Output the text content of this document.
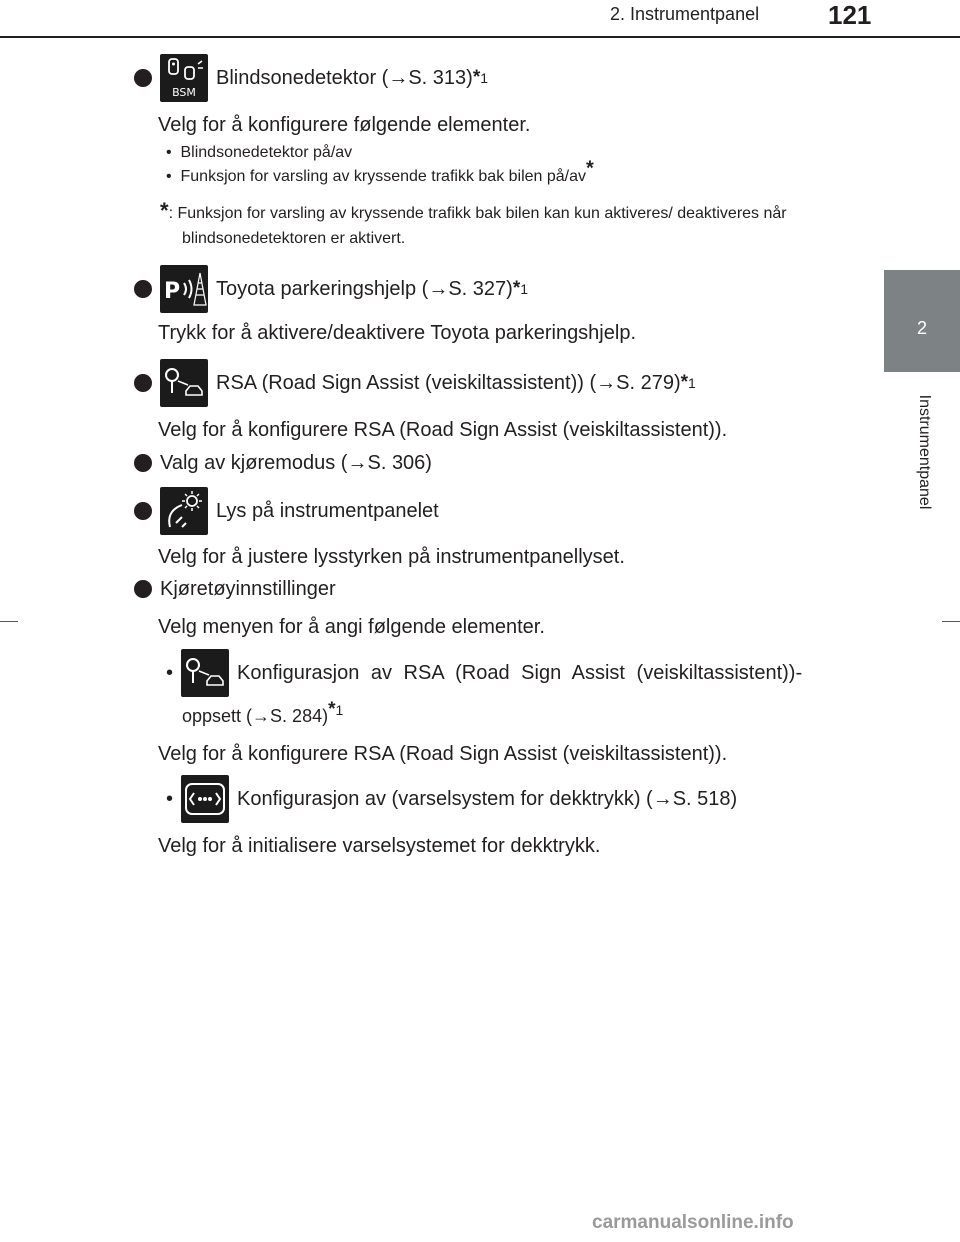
2. Instrumentpanel	121
2
Instrumentpanel
BSM
Blindsonedetektor ( → S. 313) *1
Velg for å konfigurere følgende elementer.
•  Blindsonedetektor på/av
•  Funksjon for varsling av kryssende trafikk bak bilen på/av*
*: Funksjon for varsling av kryssende trafikk bak bilen kan kun aktiveres/ deaktiveres når blindsonedetektoren er aktivert.
P Toyota parkeringshjelp ( → S. 327) *1
Trykk for å aktivere/deaktivere Toyota parkeringshjelp.
RSA (Road Sign Assist (veiskiltassistent)) ( → S. 279) *1
Velg for å konfigurere RSA (Road Sign Assist (veiskiltassistent)).
Valg av kjøremodus ( → S. 306)
Lys på instrumentpanelet
Velg for å justere lysstyrken på instrumentpanellyset.
Kjøretøyinnstillinger
Velg menyen for å angi følgende elementer.
•	Konfigurasjon av RSA (Road Sign Assist (veiskiltassistent))-
oppsett (→S. 284)$^{*1}$
Velg for å konfigurere RSA (Road Sign Assist (veiskiltassistent)).
•	Konfigurasjon av (varselsystem for dekktrykk) ( → S. 518)
Velg for å initialisere varselsystemet for dekktrykk.
carmanualsonline.info
